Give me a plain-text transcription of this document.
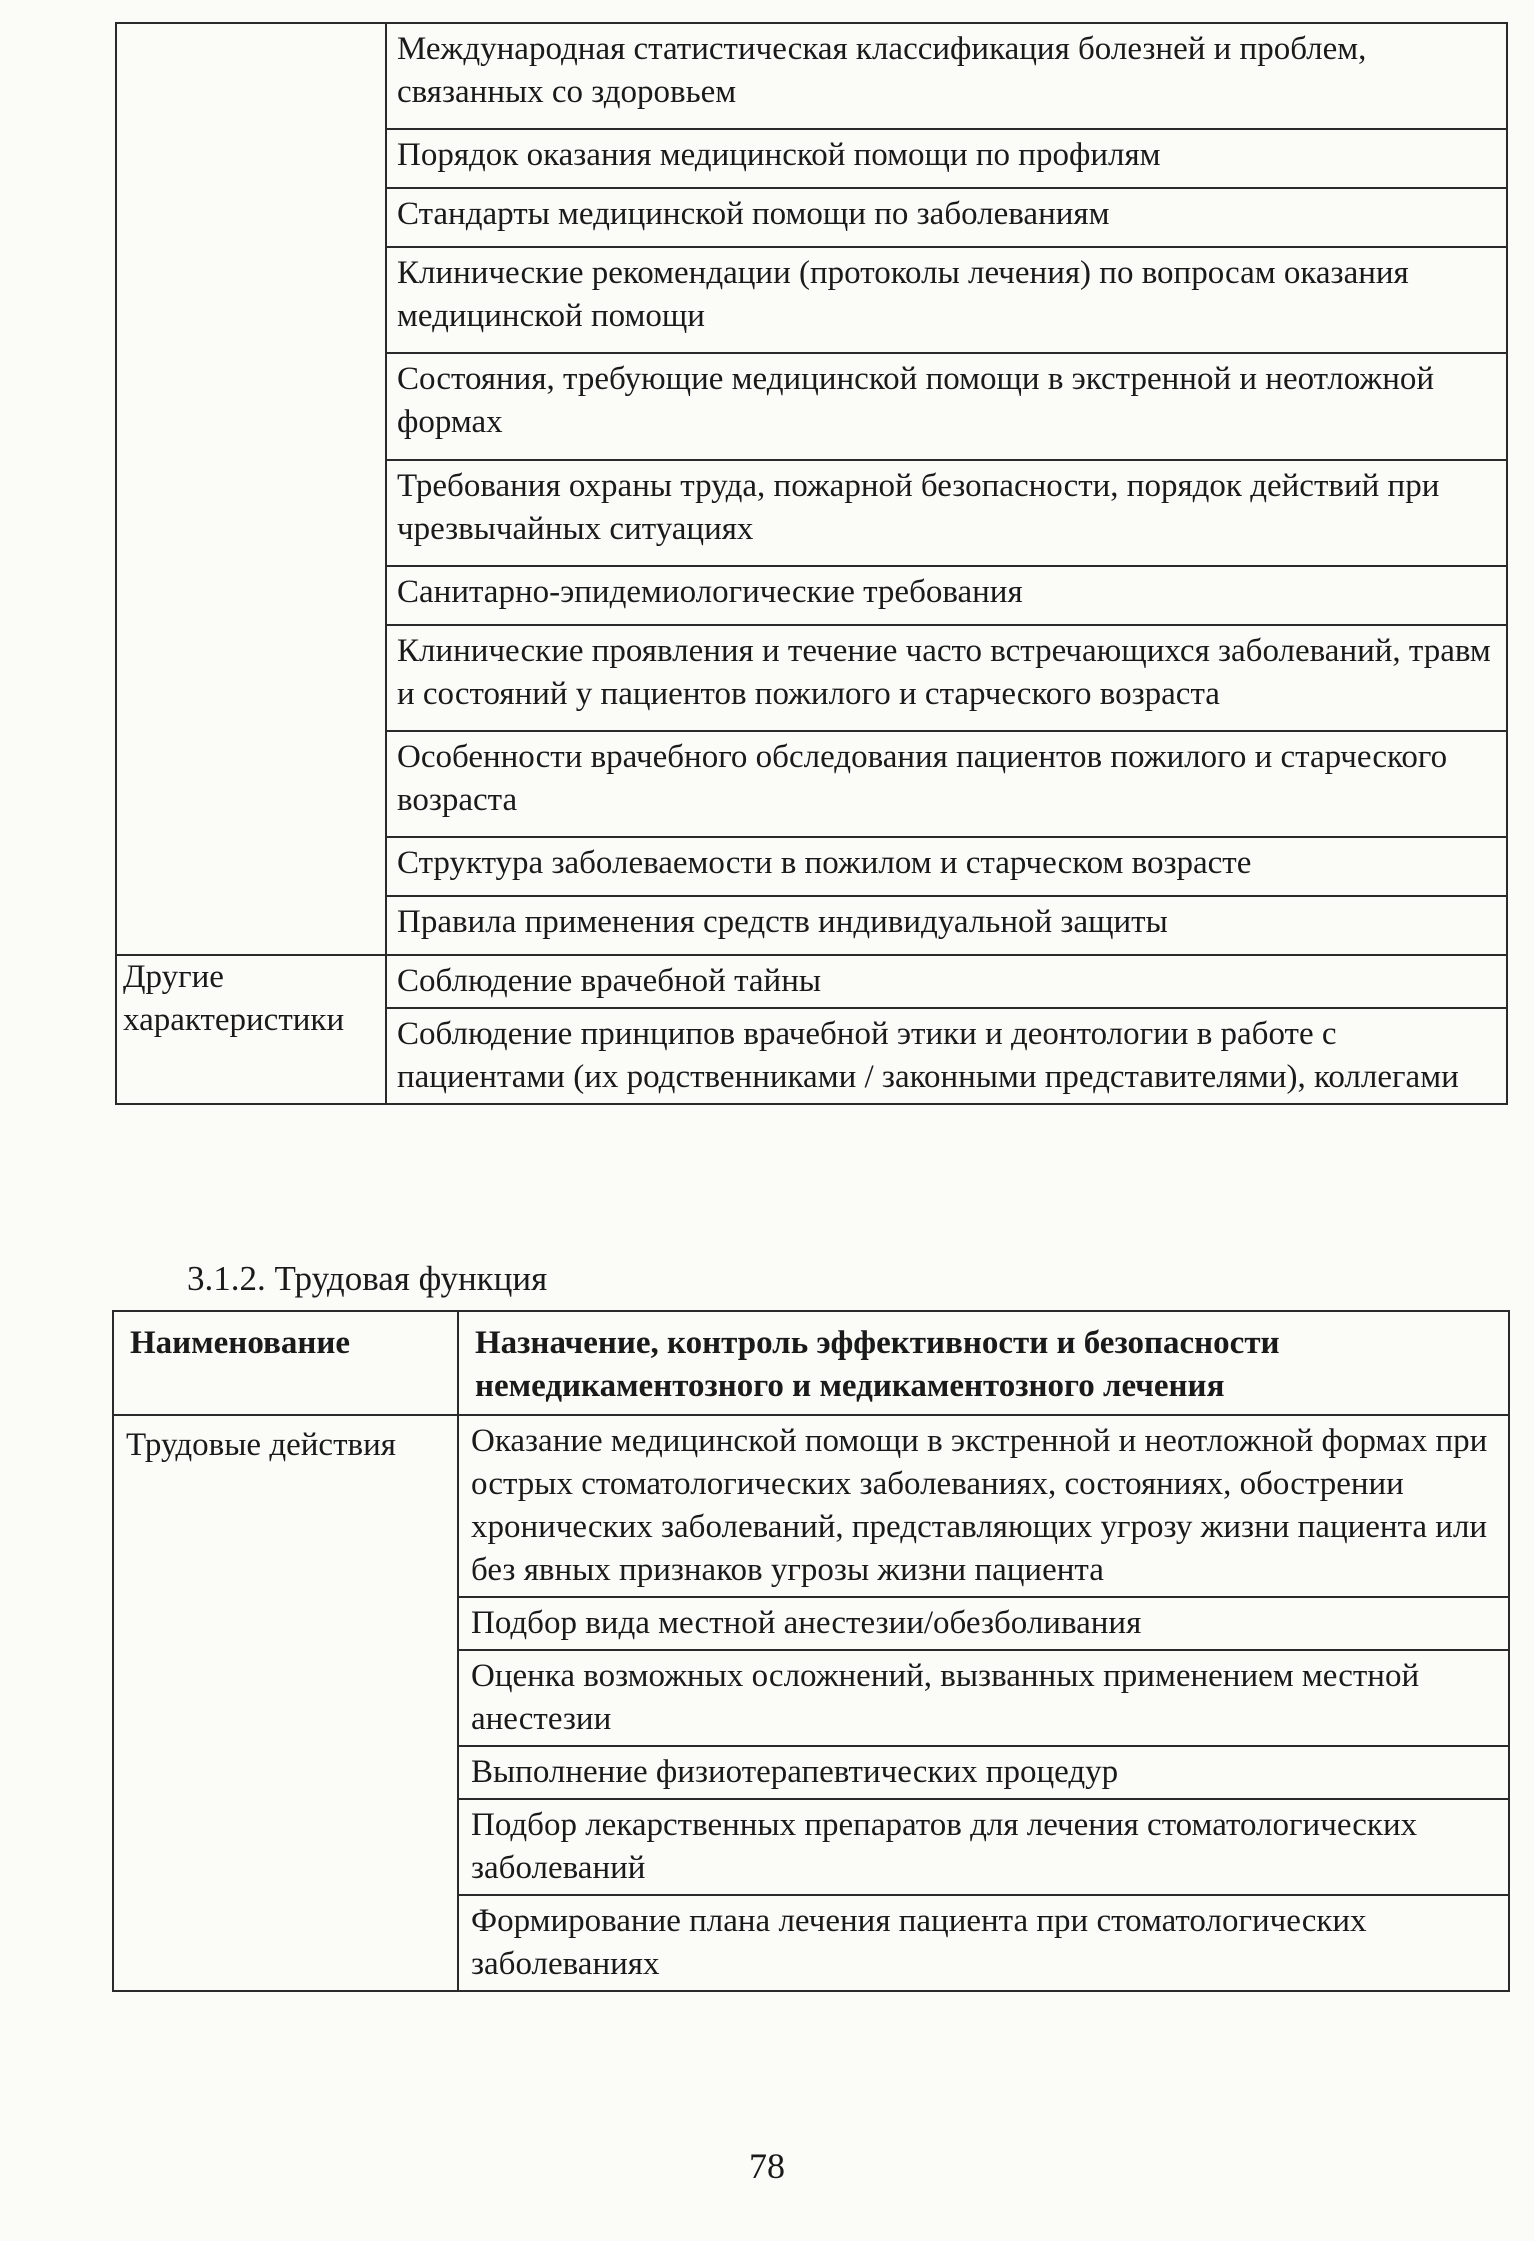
	Международная статистическая классификация болезней и проблем, связанных со здоровьем
	Порядок оказания медицинской помощи по профилям
	Стандарты медицинской помощи по заболеваниям
	Клинические рекомендации (протоколы лечения) по вопросам оказания медицинской помощи
	Состояния, требующие медицинской помощи в экстренной и неотложной формах
	Требования охраны труда, пожарной безопасности, порядок действий при чрезвычайных ситуациях
	Санитарно-эпидемиологические требования
	Клинические проявления и течение часто встречающихся заболеваний, травм и состояний у пациентов пожилого и старческого возраста
	Особенности врачебного обследования пациентов пожилого и старческого возраста
	Структура заболеваемости в пожилом и старческом возрасте
	Правила применения средств индивидуальной защиты
Другие характеристики	Соблюдение врачебной тайны
	Соблюдение принципов врачебной этики и деонтологии в работе с пациентами (их родственниками / законными представителями), коллегами
3.1.2. Трудовая функция
Наименование	Назначение, контроль эффективности и безопасности немедикаментозного и медикаментозного лечения
Трудовые действия	Оказание медицинской помощи в экстренной и неотложной формах при острых стоматологических заболеваниях, состояниях, обострении хронических заболеваний, представляющих угрозу жизни пациента или без явных признаков угрозы жизни пациента
	Подбор вида местной анестезии/обезболивания
	Оценка возможных осложнений, вызванных применением местной анестезии
	Выполнение физиотерапевтических процедур
	Подбор лекарственных препаратов для лечения стоматологических заболеваний
	Формирование плана лечения пациента при стоматологических заболеваниях
78
